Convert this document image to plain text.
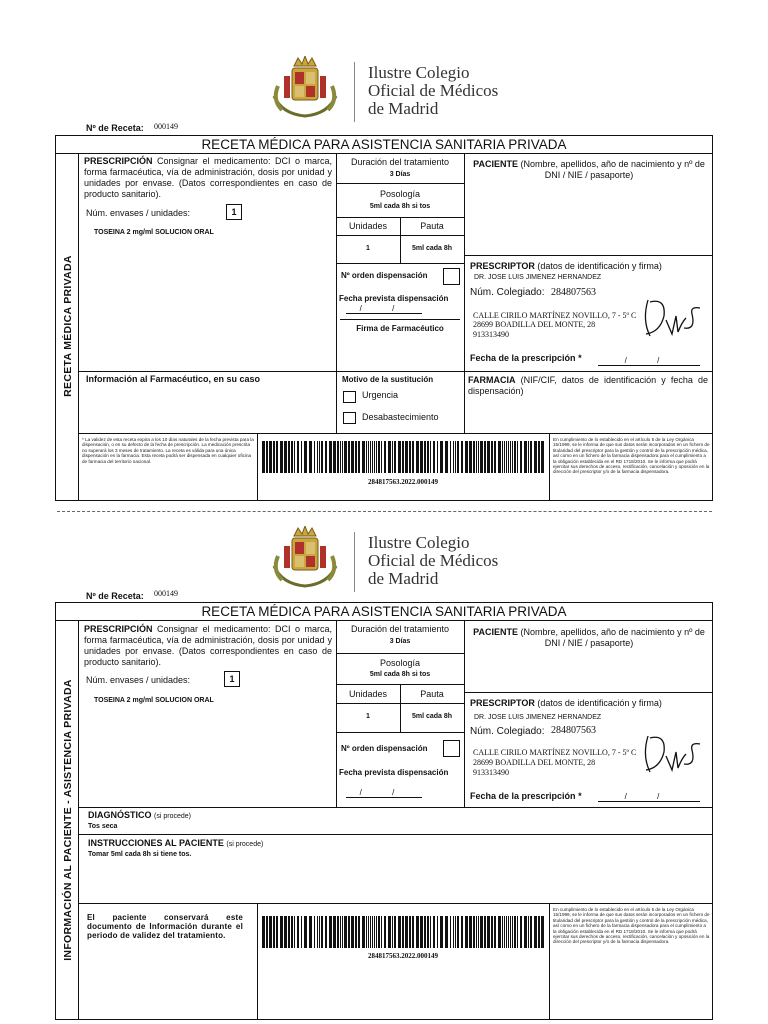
Ilustre Colegio
Oficial de Médicos
de Madrid
Nº de Receta: 000149
RECETA MÉDICA PARA ASISTENCIA SANITARIA PRIVADA
RECETA MÉDICA PRIVADA
PRESCRIPCIÓN Consignar el medicamento: DCI o marca, forma farmacéutica, vía de administración, dosis por unidad y unidades por envase. (Datos correspondientes en caso de producto sanitario).
Núm. envases / unidades:	1
TOSEINA 2 mg/ml SOLUCION ORAL
Duración del tratamiento
3 Días
Posología
5ml cada 8h si tos
Unidades	Pauta
1	5ml cada 8h
Nº orden dispensación
Fecha prevista dispensación
/ /
Firma de Farmacéutico
PACIENTE (Nombre, apellidos, año de nacimiento y nº de DNI / NIE / pasaporte)
PRESCRIPTOR (datos de identificación y firma)
DR. JOSE LUIS JIMENEZ HERNANDEZ
Núm. Colegiado: 284807563
CALLE CIRILO MARTÍNEZ NOVILLO, 7 - 5º C
28699 BOADILLA DEL MONTE, 28
913313490
Fecha de la prescripción *	/ /
Información al Farmacéutico, en su caso	Motivo de la sustitución
Urgencia
Desabastecimiento
FARMACIA (NIF/CIF, datos de identificación y fecha de dispensación)
* La validez de esta receta expira a los 10 días naturales de la fecha prevista para la dispensación, o en su defecto de la fecha de prescripción. La medicación prescrita no superará los 3 meses de tratamiento. La receta es válida para una única dispensación en la farmacia. Esta receta podrá ser dispensada en cualquier oficina de farmacia del territorio nacional.
284817563.2022.000149
En cumplimiento de lo establecido en el artículo 5 de la Ley Orgánica 15/1999, se le informa de que sus datos serán incorporados en un fichero de titularidad del prescriptor para la gestión y control de la prescripción médica, así como en un fichero de la farmacia dispensadora para el cumplimiento a la obligación establecida en el RD 1718/2010. Se le informa que podrá ejercitar sus derechos de acceso, rectificación, cancelación y oposición en la dirección del prescriptor y/o de la farmacia dispensadora.
Ilustre Colegio
Oficial de Médicos
de Madrid
Nº de Receta: 000149
RECETA MÉDICA PARA ASISTENCIA SANITARIA PRIVADA
INFORMACIÓN AL PACIENTE - ASISTENCIA PRIVADA
PRESCRIPCIÓN Consignar el medicamento: DCI o marca, forma farmacéutica, vía de administración, dosis por unidad y unidades por envase. (Datos correspondientes en caso de producto sanitario).
Núm. envases / unidades:	1
TOSEINA 2 mg/ml SOLUCION ORAL
Duración del tratamiento
3 Días
Posología
5ml cada 8h si tos
Unidades	Pauta
1	5ml cada 8h
Nº orden dispensación
Fecha prevista dispensación
/ /
PACIENTE (Nombre, apellidos, año de nacimiento y nº de DNI / NIE / pasaporte)
PRESCRIPTOR (datos de identificación y firma)
DR. JOSE LUIS JIMENEZ HERNANDEZ
Núm. Colegiado: 284807563
CALLE CIRILO MARTÍNEZ NOVILLO, 7 - 5º C
28699 BOADILLA DEL MONTE, 28
913313490
Fecha de la prescripción *	/ /
DIAGNÓSTICO (si procede)
Tos seca
INSTRUCCIONES AL PACIENTE (si procede)
Tomar 5ml cada 8h si tiene tos.
El paciente conservará este documento de Información durante el periodo de validez del tratamiento.
284817563.2022.000149
En cumplimiento de lo establecido en el artículo 5 de la Ley Orgánica 15/1999, se le informa de que sus datos serán incorporados en un fichero de titularidad del prescriptor para la gestión y control de la prescripción médica, así como en un fichero de la farmacia dispensadora para el cumplimiento a la obligación establecida en el RD 1718/2010. Se le informa que podrá ejercitar sus derechos de acceso, rectificación, cancelación y oposición en la dirección del prescriptor y/o de la farmacia dispensadora.
